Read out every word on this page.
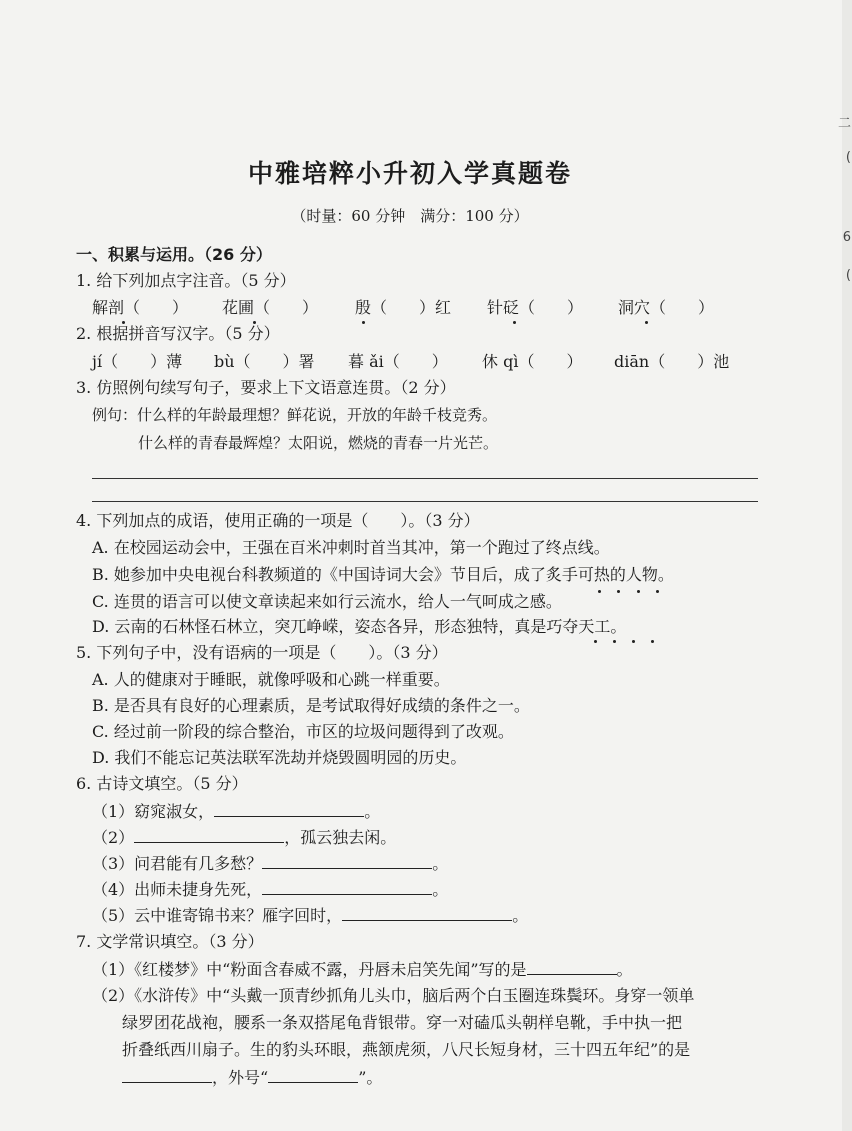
二
(
6
(
中雅培粹小升初入学真题卷
（时量：60 分钟　满分：100 分）
一、积累与运用。（26 分）
1. 给下列加点字注音。（5 分）
解剖（　　） 花圃（　　） 殷（　　）红 针砭（　　） 洞穴（　　）
2. 根据拼音写汉字。（5 分）
jí（　　）薄 bù（　　）署 暮 ǎi（　　） 休 qì（　　） diān（　　）池
3. 仿照例句续写句子，要求上下文语意连贯。（2 分）
例句：什么样的年龄最理想？鲜花说，开放的年龄千枝竞秀。
什么样的青春最辉煌？太阳说，燃烧的青春一片光芒。
4. 下列加点的成语，使用正确的一项是（　　）。（3 分）
A. 在校园运动会中，王强在百米冲刺时首当其冲，第一个跑过了终点线。
B. 她参加中央电视台科教频道的《中国诗词大会》节目后，成了炙手可热的人物。
C. 连贯的语言可以使文章读起来如行云流水，给人一气呵成之感。
D. 云南的石林怪石林立，突兀峥嵘，姿态各异，形态独特，真是巧夺天工。
5. 下列句子中，没有语病的一项是（　　）。（3 分）
A. 人的健康对于睡眠，就像呼吸和心跳一样重要。
B. 是否具有良好的心理素质，是考试取得好成绩的条件之一。
C. 经过前一阶段的综合整治，市区的垃圾问题得到了改观。
D. 我们不能忘记英法联军洗劫并烧毁圆明园的历史。
6. 古诗文填空。（5 分）
（1）窈窕淑女，	。
（2）	，孤云独去闲。
（3）问君能有几多愁？	。
（4）出师未捷身先死，	。
（5）云中谁寄锦书来？雁字回时，	。
7. 文学常识填空。（3 分）
（1）《红楼梦》中“粉面含春威不露，丹唇未启笑先闻”写的是	。
（2）《水浒传》中“头戴一顶青纱抓角儿头巾，脑后两个白玉圈连珠鬓环。身穿一领单
绿罗团花战袍，腰系一条双搭尾龟背银带。穿一对磕瓜头朝样皂靴，手中执一把
折叠纸西川扇子。生的豹头环眼，燕颔虎须，八尺长短身材，三十四五年纪”的是
，外号“	”。
